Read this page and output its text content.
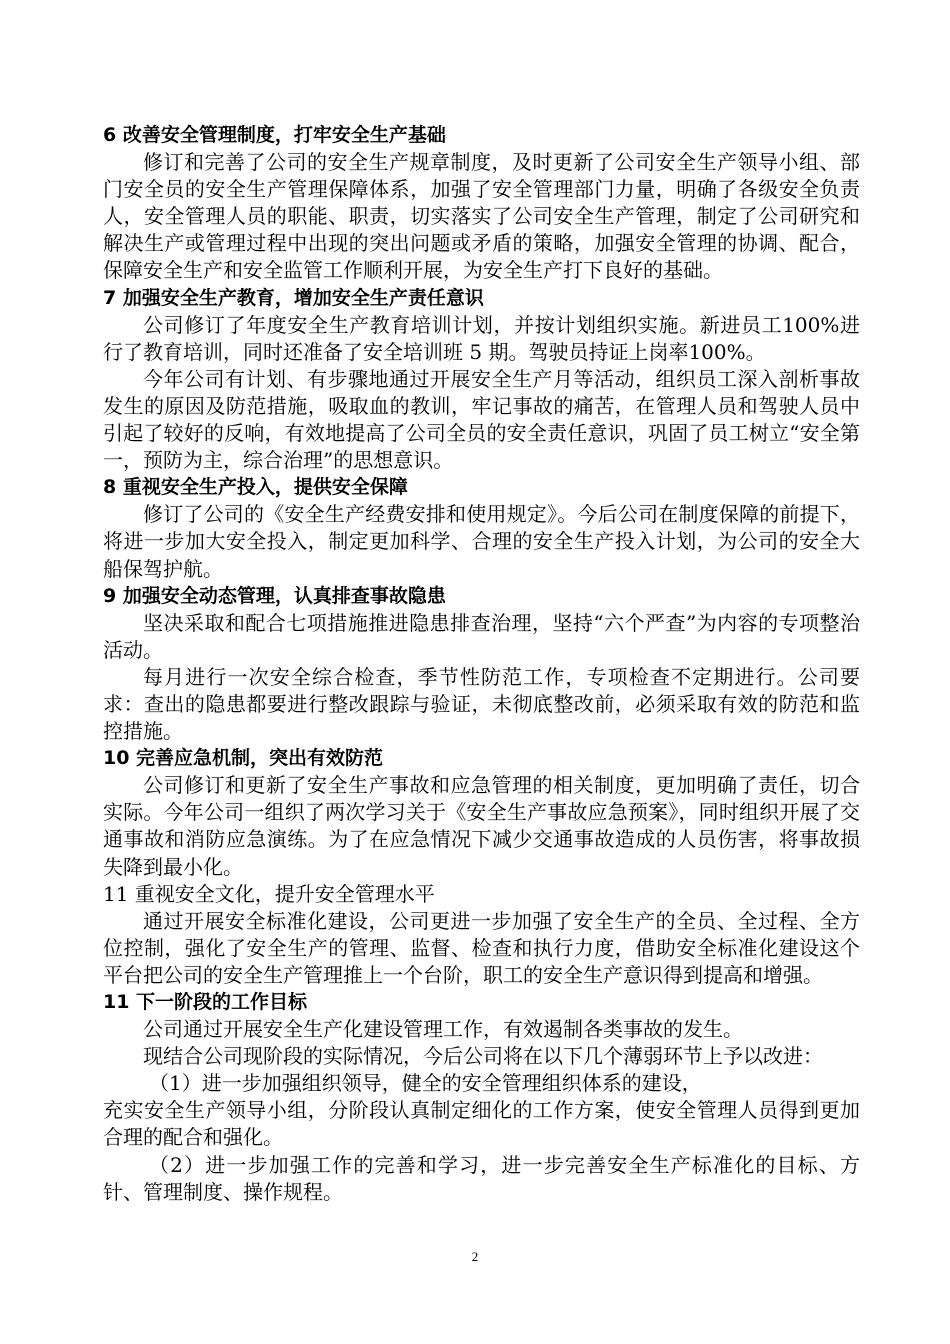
6 改善安全管理制度，打牢安全生产基础

修订和完善了公司的安全生产规章制度，及时更新了公司安全生产领导小组、部门安全员的安全生产管理保障体系，加强了安全管理部门力量，明确了各级安全负责人，安全管理人员的职能、职责，切实落实了公司安全生产管理，制定了公司研究和解决生产或管理过程中出现的突出问题或矛盾的策略，加强安全管理的协调、配合，保障安全生产和安全监管工作顺利开展，为安全生产打下良好的基础。

7 加强安全生产教育，增加安全生产责任意识

公司修订了年度安全生产教育培训计划，并按计划组织实施。新进员工100%进行了教育培训，同时还准备了安全培训班 5 期。驾驶员持证上岗率100%。

今年公司有计划、有步骤地通过开展安全生产月等活动，组织员工深入剖析事故发生的原因及防范措施，吸取血的教训，牢记事故的痛苦，在管理人员和驾驶人员中引起了较好的反响，有效地提高了公司全员的安全责任意识，巩固了员工树立“安全第一，预防为主，综合治理”的思想意识。

8 重视安全生产投入，提供安全保障

修订了公司的《安全生产经费安排和使用规定》。今后公司在制度保障的前提下，将进一步加大安全投入，制定更加科学、合理的安全生产投入计划，为公司的安全大船保驾护航。

9 加强安全动态管理，认真排查事故隐患

坚决采取和配合七项措施推进隐患排查治理，坚持“六个严查”为内容的专项整治活动。

每月进行一次安全综合检查，季节性防范工作，专项检查不定期进行。公司要求：查出的隐患都要进行整改跟踪与验证，未彻底整改前，必须采取有效的防范和监控措施。

10 完善应急机制，突出有效防范

公司修订和更新了安全生产事故和应急管理的相关制度，更加明确了责任，切合实际。今年公司一组织了两次学习关于《安全生产事故应急预案》，同时组织开展了交通事故和消防应急演练。为了在应急情况下减少交通事故造成的人员伤害，将事故损失降到最小化。

11 重视安全文化，提升安全管理水平

通过开展安全标准化建设，公司更进一步加强了安全生产的全员、全过程、全方位控制，强化了安全生产的管理、监督、检查和执行力度，借助安全标准化建设这个平台把公司的安全生产管理推上一个台阶，职工的安全生产意识得到提高和增强。

11 下一阶段的工作目标

公司通过开展安全生产化建设管理工作，有效遏制各类事故的发生。

现结合公司现阶段的实际情况，今后公司将在以下几个薄弱环节上予以改进：

（1）进一步加强组织领导，健全的安全管理组织体系的建设，

充实安全生产领导小组，分阶段认真制定细化的工作方案，使安全管理人员得到更加合理的配合和强化。

（2）进一步加强工作的完善和学习，进一步完善安全生产标准化的目标、方针、管理制度、操作规程。

2
